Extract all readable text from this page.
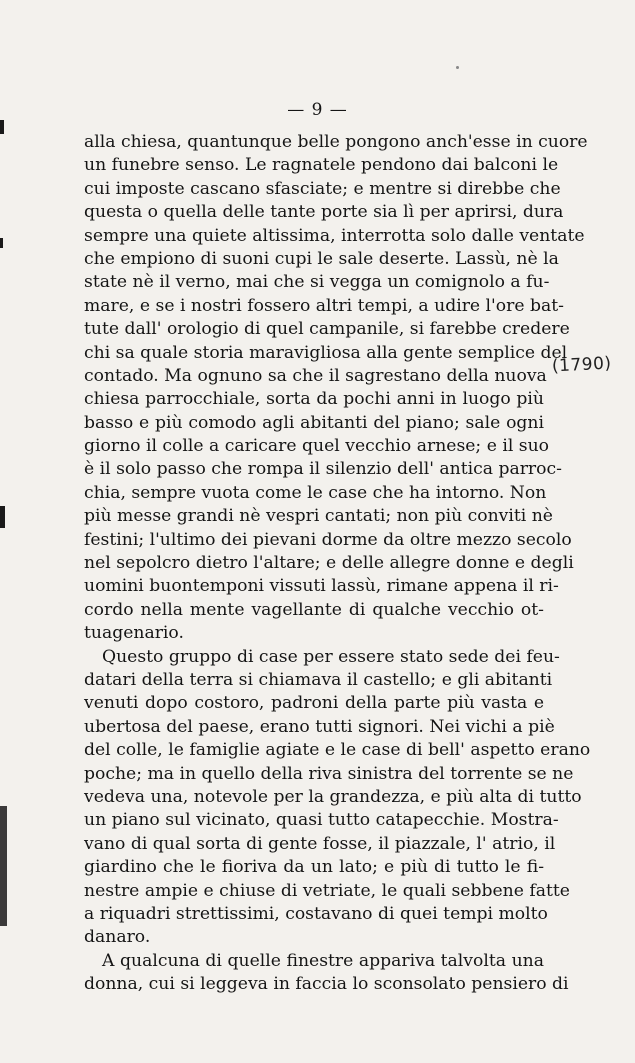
— 9 —
alla chiesa, quantunque belle pongono anch'esse in cuore
un funebre senso. Le ragnatele pendono dai balconi le
cui imposte cascano sfasciate; e mentre si direbbe che
questa o quella delle tante porte sia lì per aprirsi, dura
sempre una quiete altissima, interrotta solo dalle ventate
che empiono di suoni cupi le sale deserte. Lassù, nè la
state nè il verno, mai che si vegga un comignolo a fu-
mare, e se i nostri fossero altri tempi, a udire l'ore bat-
tute dall' orologio di quel campanile, si farebbe credere
chi sa quale storia maravigliosa alla gente semplice del
contado. Ma ognuno sa che il sagrestano della nuova
chiesa parrocchiale, sorta da pochi anni in luogo più
basso e più comodo agli abitanti del piano; sale ogni
giorno il colle a caricare quel vecchio arnese; e il suo
è il solo passo che rompa il silenzio dell' antica parroc-
chia, sempre vuota come le case che ha intorno. Non
più messe grandi nè vespri cantati; non più conviti nè
festini; l'ultimo dei pievani dorme da oltre mezzo secolo
nel sepolcro dietro l'altare; e delle allegre donne e degli
uomini buontemponi vissuti lassù, rimane appena il ri-
cordo nella mente vagellante di qualche vecchio ot-
tuagenario.
Questo gruppo di case per essere stato sede dei feu-
datari della terra si chiamava il castello; e gli abitanti
venuti dopo costoro, padroni della parte più vasta e
ubertosa del paese, erano tutti signori. Nei vichi a piè
del colle, le famiglie agiate e le case di bell' aspetto erano
poche; ma in quello della riva sinistra del torrente se ne
vedeva una, notevole per la grandezza, e più alta di tutto
un piano sul vicinato, quasi tutto catapecchie. Mostra-
vano di qual sorta di gente fosse, il piazzale, l' atrio, il
giardino che le fioriva da un lato; e più di tutto le fi-
nestre ampie e chiuse di vetriate, le quali sebbene fatte
a riquadri strettissimi, costavano di quei tempi molto
danaro.
A qualcuna di quelle finestre appariva talvolta una
donna, cui si leggeva in faccia lo sconsolato pensiero di
(1790)
